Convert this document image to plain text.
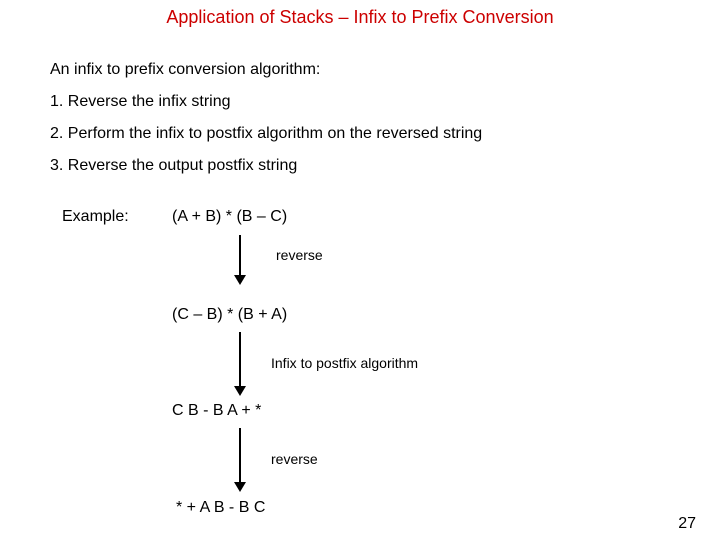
Application of Stacks – Infix to Prefix Conversion
An infix to prefix conversion algorithm:
1. Reverse the infix string
2. Perform the infix to postfix algorithm on the reversed string
3. Reverse the output postfix string
Example:	(A + B) * (B – C)
reverse
(C – B) * (B + A)
Infix to postfix algorithm
C B - B A + *
reverse
* + A B - B C
27
